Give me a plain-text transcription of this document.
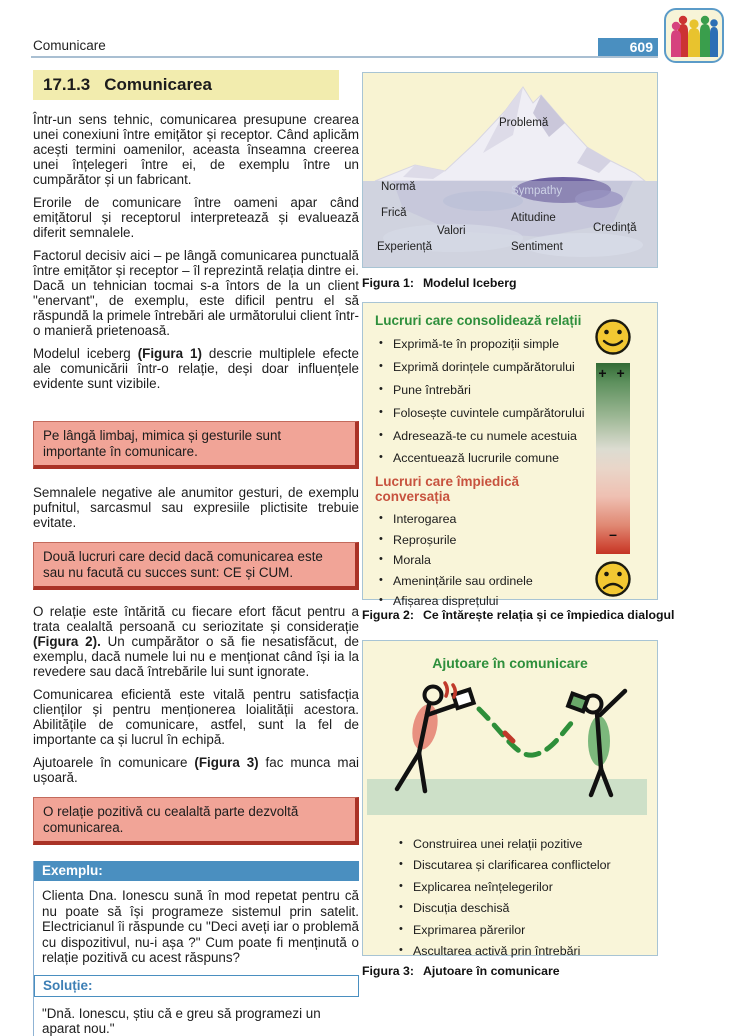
Comunicare	609
17.1.3 Comunicarea

Într-un sens tehnic, comunicarea presupune crearea unei conexiuni între emițător și receptor. Când aplicăm acești termini oamenilor, aceasta înseamna creerea unei înțelegeri între ei, de exemplu între un cumpărător și un fabricant.

Erorile de comunicare între oameni apar când emițătorul și receptorul interpretează și evaluează diferit semnalele.

Factorul decisiv aici – pe lângă comunicarea punctuală între emițător și receptor – îl reprezintă relația dintre ei. Dacă un tehnician tocmai s-a întors de la un client "enervant", de exemplu, este dificil pentru el să răspundă la primele întrebări ale următorului client într-o manieră prietenoasă.

Modelul iceberg (Figura 1) descrie multiplele efecte ale comunicării într-o relație, deși doar influențele evidente sunt vizibile.

Pe lângă limbaj, mimica și gesturile sunt importante în comunicare.

Semnalele negative ale anumitor gesturi, de exemplu pufnitul, sarcasmul sau expresiile plictisite trebuie evitate.

Două lucruri care decid dacă comunicarea este sau nu facută cu succes sunt: CE și CUM.

O relație este întărită cu fiecare efort făcut pentru a trata cealaltă persoană cu seriozitate și considerație (Figura 2). Un cumpărător o să fie nesatisfăcut, de exemplu, dacă numele lui nu e menționat când își ia la revedere sau dacă întrebările lui sunt ignorate.

Comunicarea eficientă este vitală pentru satisfacția clienților și pentru menționerea loialității acestora. Abilitățile de comunicare, astfel, sunt la fel de importante ca și lucrul în echipă.

Ajutoarele în comunicare (Figura 3) fac munca mai ușoară.

O relație pozitivă cu cealaltă parte dezvoltă comunicarea.
Exemplu:
Clienta Dna. Ionescu sună în mod repetat pentru că nu poate să își programeze sistemul prin satelit. Electricianul îi răspunde cu "Deci aveți iar o problemă cu dispozitivul, nu-i așa ?" Cum poate fi menținută o relație pozitivă cu acest răspuns?
Soluție:
"Dnă. Ionescu, știu că e greu să programezi un aparat nou."
Problemă
Normă	Sympathy
Frică	Atitudine
Valori	Credință
Experiență	Sentiment
Figura 1: Modelul Iceberg
Lucruri care consolidează relații
• Exprimă-te în propoziții simple
• Exprimă dorințele cumpărătorului
• Pune întrebări
• Folosește cuvintele cumpărătorului
• Adresează-te cu numele acestuia
• Accentuează lucrurile comune
Lucruri care împiedică conversația
• Interogarea
• Reproșurile
• Morala
• Amenințările sau ordinele
• Afișarea disprețului
+ +
–
Figura 2: Ce întărește relația și ce împiedica dialogul
Ajutoare în comunicare
• Construirea unei relații pozitive
• Discutarea și clarificarea conflictelor
• Explicarea neînțelegerilor
• Discuția deschisă
• Exprimarea părerilor
• Ascultarea activă prin întrebări
Figura 3: Ajutoare în comunicare
